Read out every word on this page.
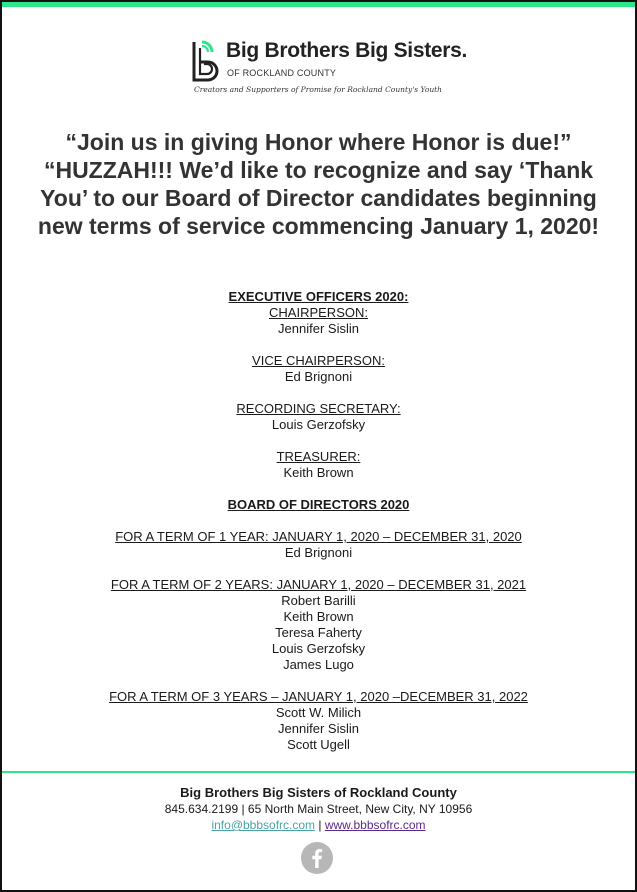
Big Brothers Big Sisters.
OF ROCKLAND COUNTY
Creators and Supporters of Promise for Rockland County's Youth
“Join us in giving Honor where Honor is due!” “HUZZAH!!! We’d like to recognize and say ‘Thank You’ to our Board of Director candidates beginning new terms of service commencing January 1, 2020!
EXECUTIVE OFFICERS 2020:
CHAIRPERSON:
Jennifer Sislin

VICE CHAIRPERSON:
Ed Brignoni

RECORDING SECRETARY:
Louis Gerzofsky

TREASURER:
Keith Brown

BOARD OF DIRECTORS 2020

FOR A TERM OF 1 YEAR: JANUARY 1, 2020 – DECEMBER 31, 2020
Ed Brignoni

FOR A TERM OF 2 YEARS: JANUARY 1, 2020 – DECEMBER 31, 2021
Robert Barilli
Keith Brown
Teresa Faherty
Louis Gerzofsky
James Lugo

FOR A TERM OF 3 YEARS – JANUARY 1, 2020 –DECEMBER 31, 2022
Scott W. Milich
Jennifer Sislin
Scott Ugell
Big Brothers Big Sisters of Rockland County
845.634.2199 | 65 North Main Street, New City, NY 10956
info@bbbsofrc.com | www.bbbsofrc.com
